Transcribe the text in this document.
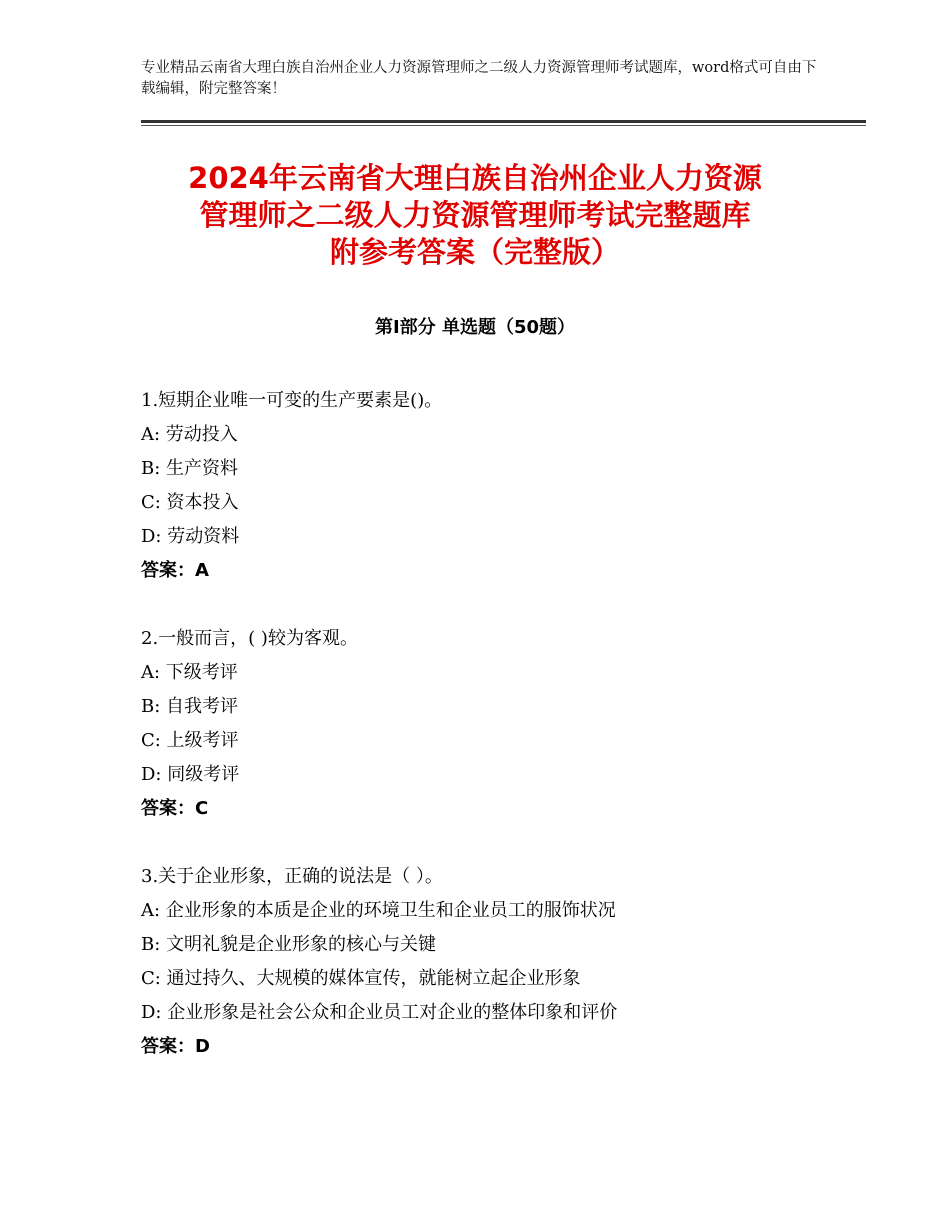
专业精品云南省大理白族自治州企业人力资源管理师之二级人力资源管理师考试题库，word格式可自由下载编辑，附完整答案！
2024年云南省大理白族自治州企业人力资源
管理师之二级人力资源管理师考试完整题库
附参考答案（完整版）
第Ⅰ部分 单选题（50题）
1.短期企业唯一可变的生产要素是()。
A: 劳动投入
B: 生产资料
C: 资本投入
D: 劳动资料
答案：A
2.一般而言，( )较为客观。
A: 下级考评
B: 自我考评
C: 上级考评
D: 同级考评
答案：C
3.关于企业形象，正确的说法是（ ）。
A: 企业形象的本质是企业的环境卫生和企业员工的服饰状况
B: 文明礼貌是企业形象的核心与关键
C: 通过持久、大规模的媒体宣传，就能树立起企业形象
D: 企业形象是社会公众和企业员工对企业的整体印象和评价
答案：D
